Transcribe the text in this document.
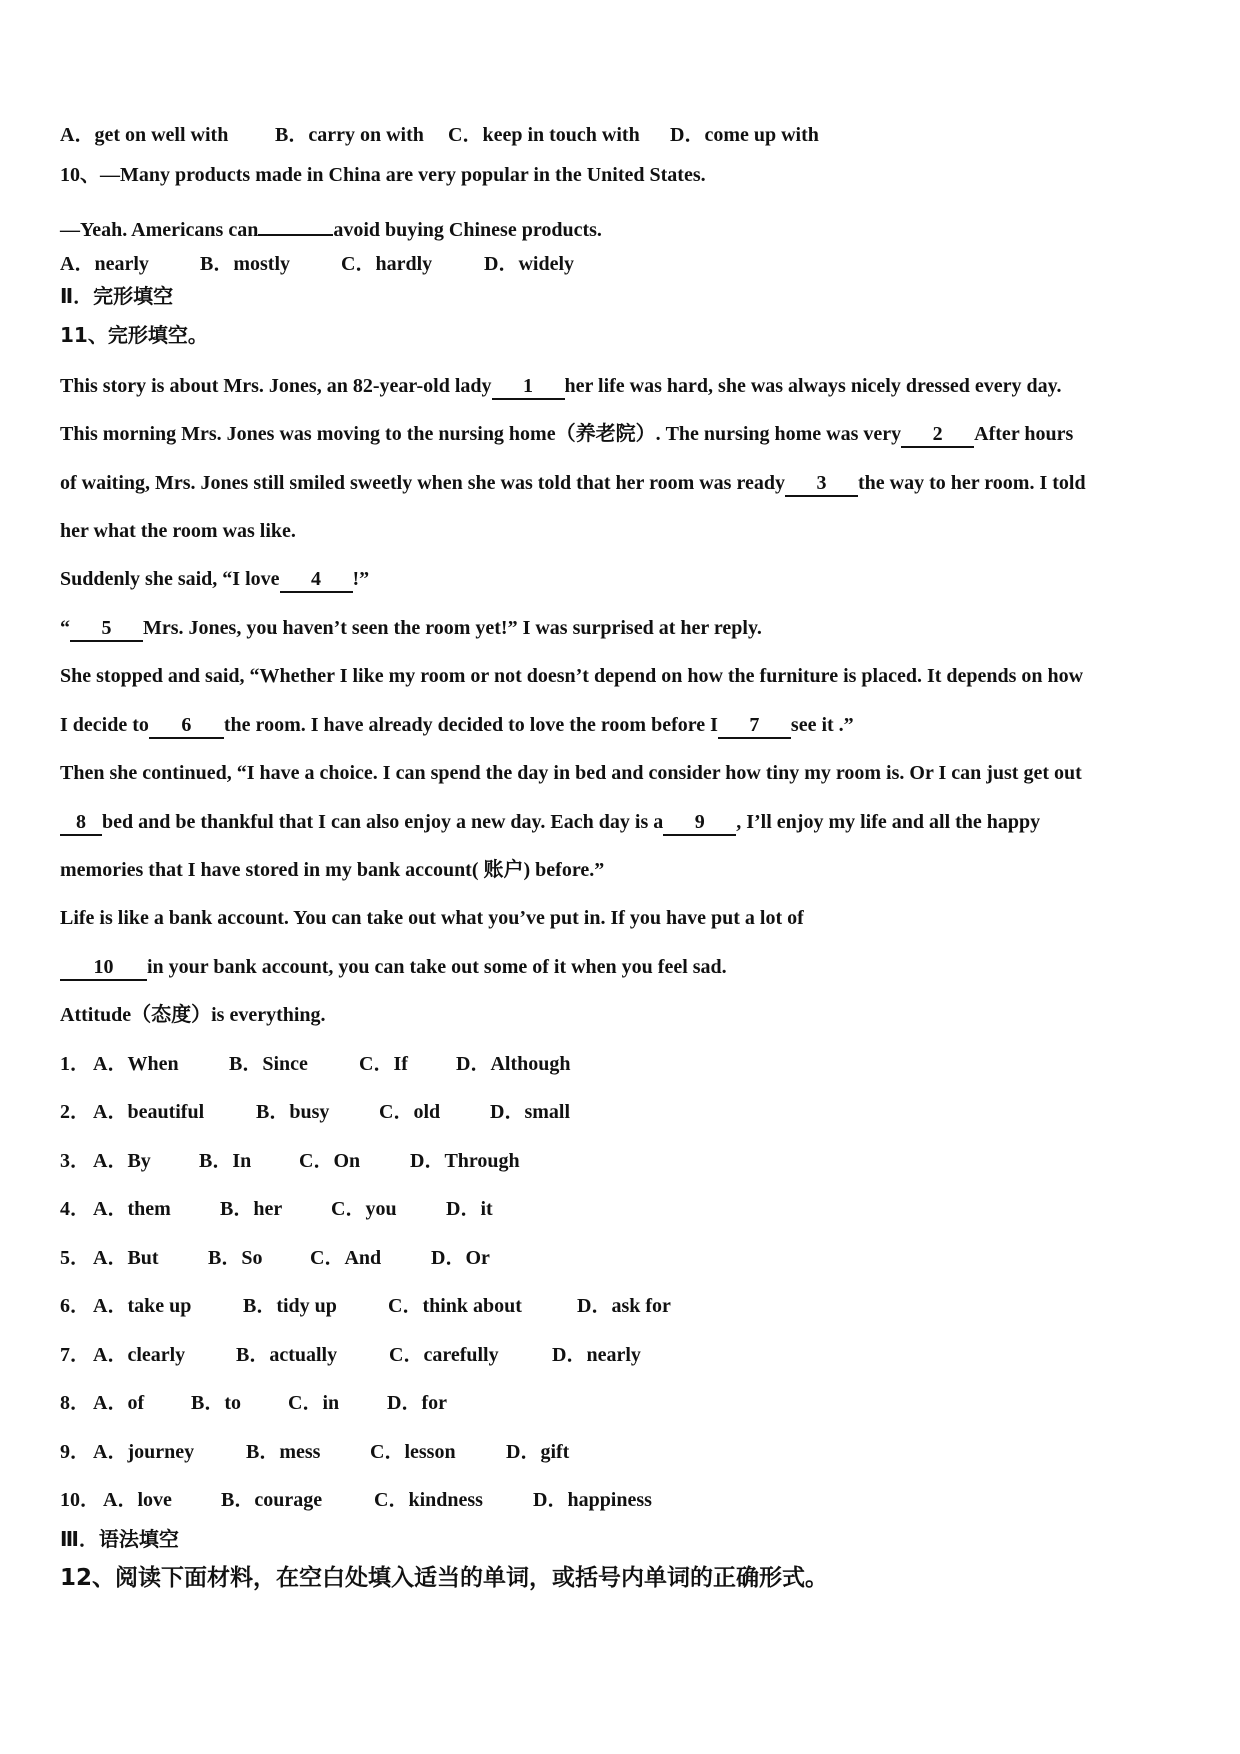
A．get on well with B．carry on with C．keep in touch with D．come up with
10、—Many products made in China are very popular in the United States.
—Yeah. Americans can	avoid buying Chinese products.
A．nearly	B．mostly	C．hardly	D．widely
Ⅱ．完形填空
11、完形填空。
This story is about Mrs. Jones, an 82-year-old lady 1 her life was hard, she was always nicely dressed every day.
This morning Mrs. Jones was moving to the nursing home（养老院）. The nursing home was very 2 After hours
of waiting, Mrs. Jones still smiled sweetly when she was told that her room was ready 3 the way to her room. I told
her what the room was like.
Suddenly she said, “I love 4 !”
“ 5 Mrs. Jones, you haven’t seen the room yet!” I was surprised at her reply.
She stopped and said, “Whether I like my room or not doesn’t depend on how the furniture is placed. It depends on how
I decide to 6 the room. I have already decided to love the room before I 7 see it .”
Then she continued, “I have a choice. I can spend the day in bed and consider how tiny my room is. Or I can just get out
8 bed and be thankful that I can also enjoy a new day. Each day is a 9 , I’ll enjoy my life and all the happy
memories that I have stored in my bank account( 账户) before.”
Life is like a bank account. You can take out what you’ve put in. If you have put a lot of
10 in your bank account, you can take out some of it when you feel sad.
Attitude（态度）is everything.
1． A．When	B．Since	C．If D．Although
2． A．beautiful	B．busy C．old D．small
3． A．By B．In C．On D．Through
4． A．them B．her C．you D．it
5． A．But B．So C．And D．Or
6． A．take up	B．tidy up	C．think about	D．ask for
7． A．clearly	B．actually	C．carefully	D．nearly
8． A．of B．to C．in D．for
9． A．journey	B．mess C．lesson	D．gift
10． A．love B．courage	C．kindness	D．happiness
Ⅲ．语法填空
12、阅读下面材料，在空白处填入适当的单词，或括号内单词的正确形式。
